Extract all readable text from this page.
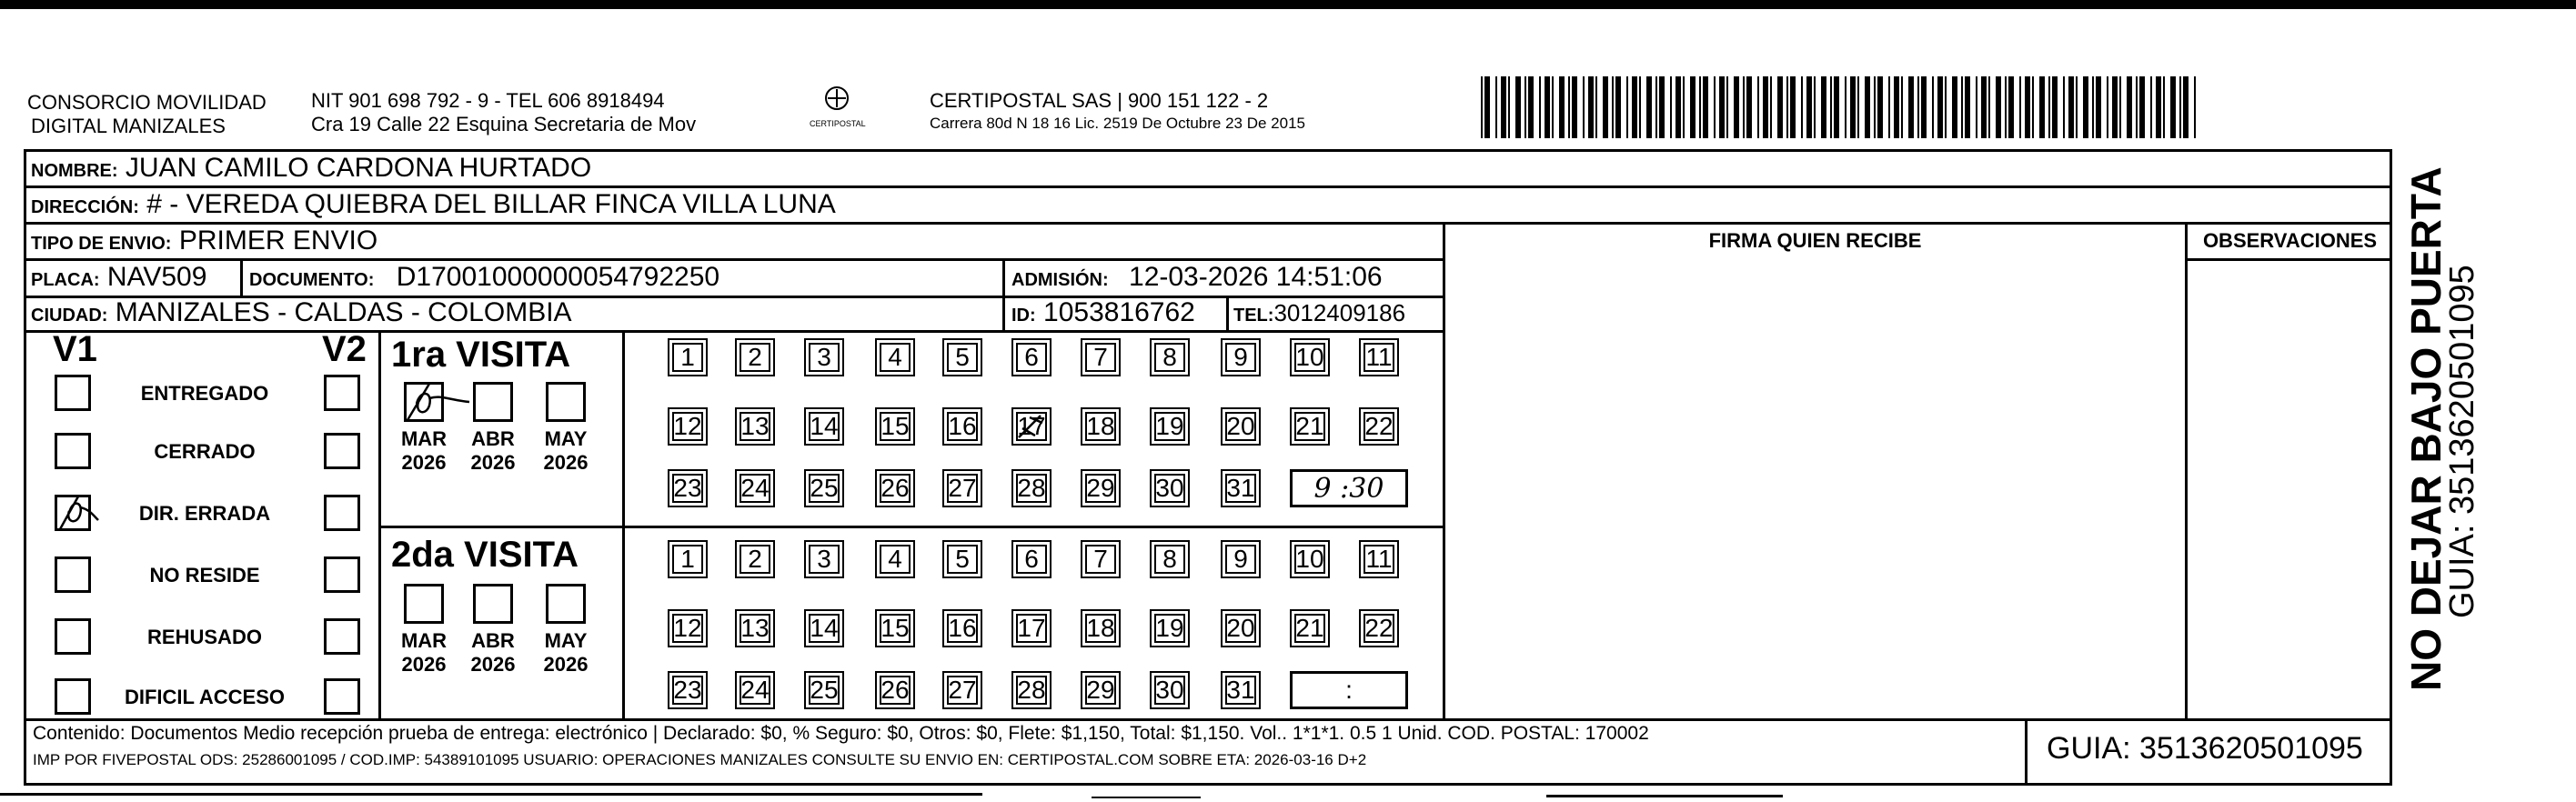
CONSORCIO MOVILIDAD
DIGITAL MANIZALES
NIT 901 698 792 - 9 - TEL 606 8918494
Cra 19 Calle 22 Esquina Secretaria de Mov	CERTIPOSTAL
CERTIPOSTAL SAS | 900 151 122 - 2
Carrera 80d N 18 16 Lic. 2519 De Octubre 23 De 2015
NOMBRE: JUAN CAMILO CARDONA HURTADO
DIRECCIÓN: # - VEREDA QUIEBRA DEL BILLAR FINCA VILLA LUNA
TIPO DE ENVIO: PRIMER ENVIO	FIRMA QUIEN RECIBE	OBSERVACIONES
PLACA: NAV509 DOCUMENTO: D17001000000054792250	ADMISIÓN: 12-03-2026 14:51:06
CIUDAD: MANIZALES - CALDAS - COLOMBIA	ID: 1053816762 TEL:3012409186
V1	V2
ENTREGADO
CERRADO
DIR. ERRADA
NO RESIDE
REHUSADO
DIFICIL ACCESO
1ra VISITA
2da VISITA
1 2 3 4 5 6 7 8 9 10 11
12 13 14 15 16 17 18 19 20 21 22
23 24 25 26 27 28 29 30 31	9 :30
MAR
2026
ABR
2026
MAY
2026
1 2 3 4 5 6 7 8 9 10 11
12 13 14 15 16 17 18 19 20 21 22
23 24 25 26 27 28 29 30 31	:
MAR
2026
ABR
2026
MAY
2026	NO DEJAR BAJO PUERTA
GUIA: 3513620501095
Contenido: Documentos Medio recepción prueba de entrega: electrónico | Declarado: $0, % Seguro: $0, Otros: $0, Flete: $1,150, Total: $1,150. Vol.. 1*1*1. 0.5 1 Unid. COD. POSTAL: 170002
IMP POR FIVEPOSTAL ODS: 25286001095 / COD.IMP: 54389101095 USUARIO: OPERACIONES MANIZALES CONSULTE SU ENVIO EN: CERTIPOSTAL.COM SOBRE ETA: 2026-03-16 D+2	GUIA: 3513620501095
